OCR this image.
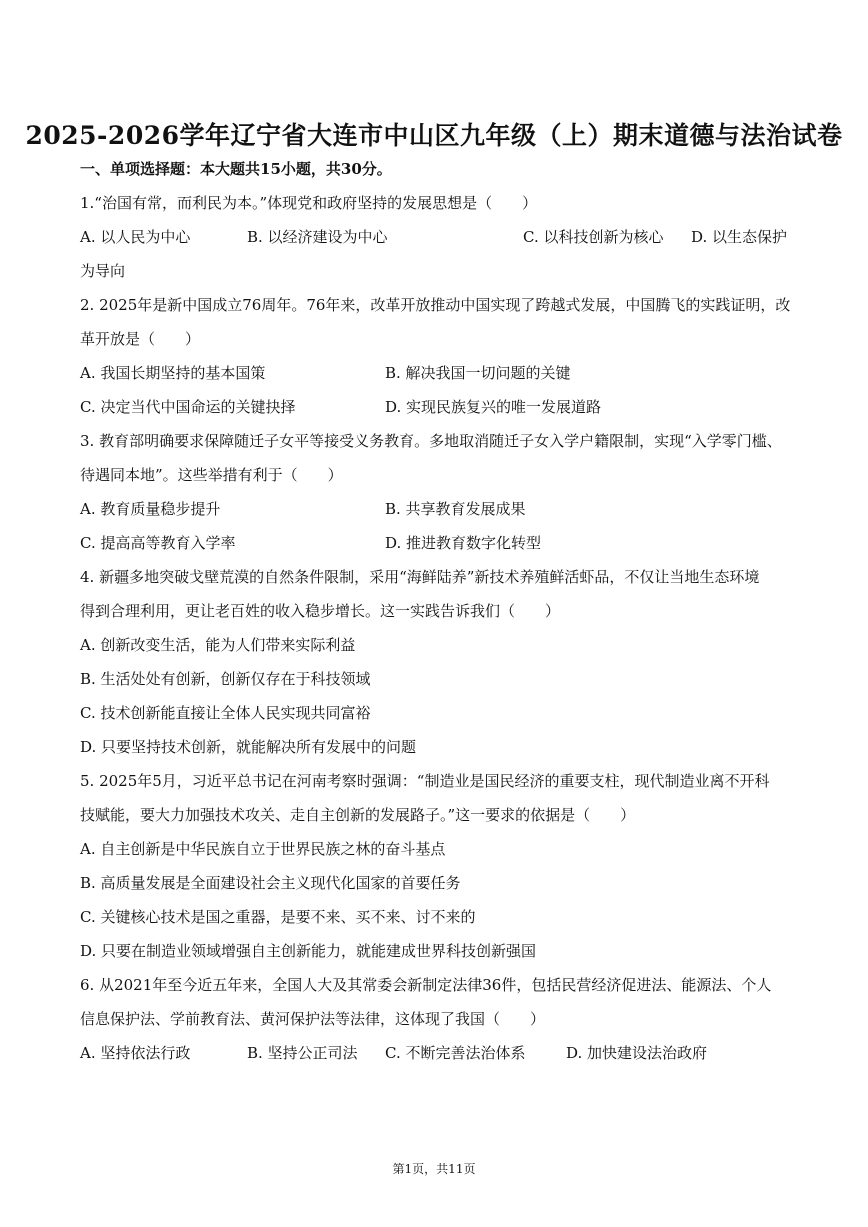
2025-2026学年辽宁省大连市中山区九年级（上）期末道德与法治试卷
一、单项选择题：本大题共15小题，共30分。
1.“治国有常，而利民为本。”体现党和政府坚持的发展思想是（　　）
A. 以人民为中心	B. 以经济建设为中心	C. 以科技创新为核心 D. 以生态保护
为导向
2. 2025年是新中国成立76周年。76年来，改革开放推动中国实现了跨越式发展，中国腾飞的实践证明，改
革开放是（　　）
A. 我国长期坚持的基本国策	B. 解决我国一切问题的关键
C. 决定当代中国命运的关键抉择	D. 实现民族复兴的唯一发展道路
3. 教育部明确要求保障随迁子女平等接受义务教育。多地取消随迁子女入学户籍限制，实现“入学零门槛、
待遇同本地”。这些举措有利于（　　）
A. 教育质量稳步提升	B. 共享教育发展成果
C. 提高高等教育入学率	D. 推进教育数字化转型
4. 新疆多地突破戈壁荒漠的自然条件限制，采用“海鲜陆养”新技术养殖鲜活虾品，不仅让当地生态环境
得到合理利用，更让老百姓的收入稳步增长。这一实践告诉我们（　　）
A. 创新改变生活，能为人们带来实际利益
B. 生活处处有创新，创新仅存在于科技领域
C. 技术创新能直接让全体人民实现共同富裕
D. 只要坚持技术创新，就能解决所有发展中的问题
5. 2025年5月，习近平总书记在河南考察时强调：“制造业是国民经济的重要支柱，现代制造业离不开科
技赋能，要大力加强技术攻关、走自主创新的发展路子。”这一要求的依据是（　　）
A. 自主创新是中华民族自立于世界民族之林的奋斗基点
B. 高质量发展是全面建设社会主义现代化国家的首要任务
C. 关键核心技术是国之重器，是要不来、买不来、讨不来的
D. 只要在制造业领域增强自主创新能力，就能建成世界科技创新强国
6. 从2021年至今近五年来，全国人大及其常委会新制定法律36件，包括民营经济促进法、能源法、个人
信息保护法、学前教育法、黄河保护法等法律，这体现了我国（　　）
A. 坚持依法行政	B. 坚持公正司法 C. 不断完善法治体系	D. 加快建设法治政府
第1页，共11页
